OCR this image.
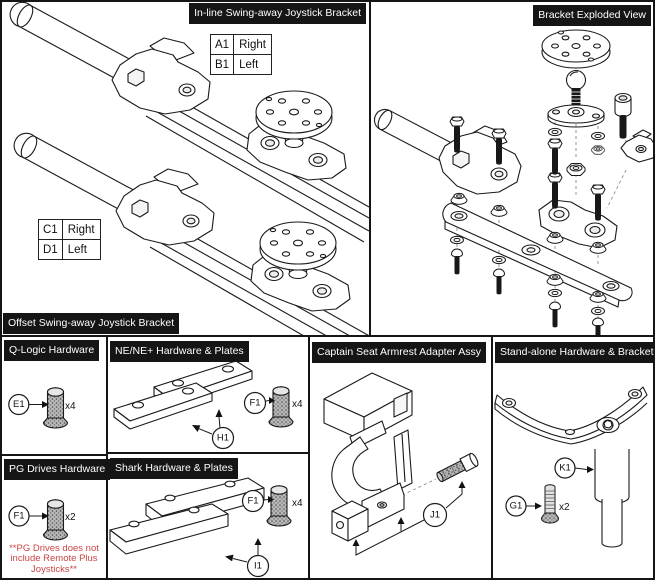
In-line Swing-away Joystick Bracket
A1	Right
B1	Left
C1	Right
D1	Left
Offset Swing-away Joystick Bracket
Bracket Exploded View
E1	x4
Q-Logic Hardware
F1	x2
PG Drives Hardware
**PG Drives does not
include Remote Plus
Joysticks**
H1
F1	x4
NE/NE+ Hardware & Plates
I1
F1	x4
Shark Hardware & Plates
J1
Captain Seat Armrest Adapter Assy
K1
G1	x2
Stand-alone Hardware & Bracket
